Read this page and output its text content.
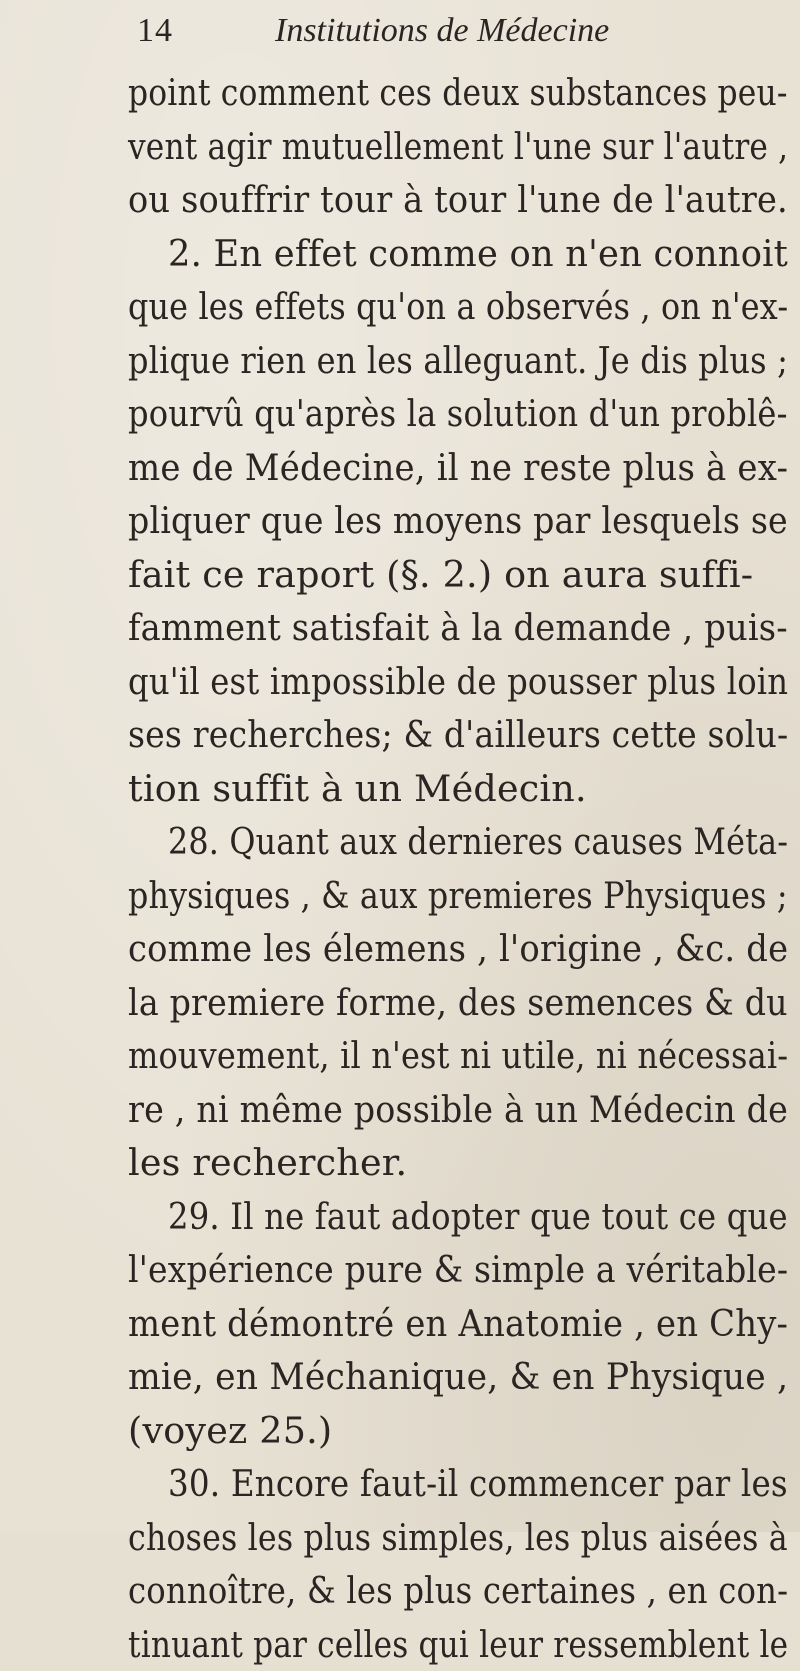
14	Institutions de Médecine
point comment ces deux substances peu-
vent agir mutuellement l'une sur l'autre ,
ou souffrir tour à tour l'une de l'autre.
2. En effet comme on n'en connoit
que les effets qu'on a observés , on n'ex-
plique rien en les alleguant. Je dis plus ;
pourvû qu'après la solution d'un problê-
me de Médecine, il ne reste plus à ex-
pliquer que les moyens par lesquels se
fait ce raport (§. 2.) on aura suffi-
famment satisfait à la demande , puis-
qu'il est impossible de pousser plus loin
ses recherches; & d'ailleurs cette solu-
tion suffit à un Médecin.
28. Quant aux dernieres causes Méta-
physiques , & aux premieres Physiques ;
comme les élemens , l'origine , &c. de
la premiere forme, des semences & du
mouvement, il n'est ni utile, ni nécessai-
re , ni même possible à un Médecin de
les rechercher.
29. Il ne faut adopter que tout ce que
l'expérience pure & simple a véritable-
ment démontré en Anatomie , en Chy-
mie, en Méchanique, & en Physique ,
(voyez 25.)
30. Encore faut-il commencer par les
choses les plus simples, les plus aisées à
connoître, & les plus certaines , en con-
tinuant par celles qui leur ressemblent le
